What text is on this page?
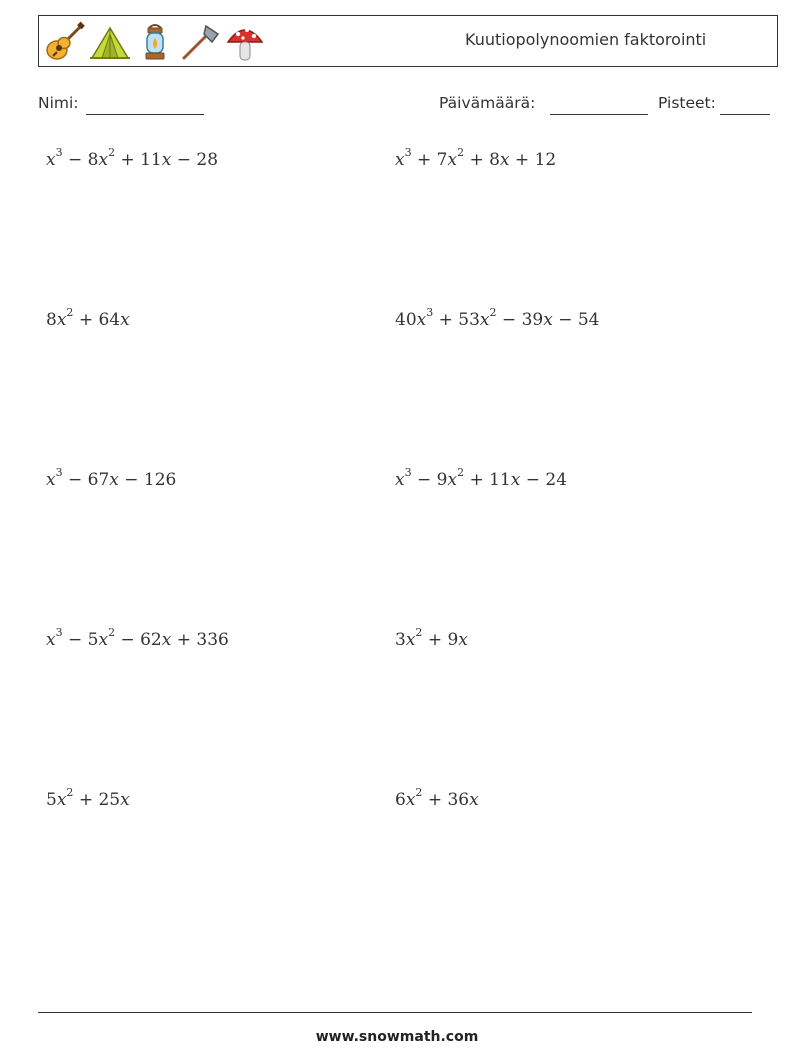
Kuutiopolynoomien faktorointi
Nimi:	Päivämäärä:	Pisteet:
$x^3 - 8x^2 + 11x - 28$	$x^3 + 7x^2 + 8x + 12$
$8x^2 + 64x$	$40x^3 + 53x^2 - 39x - 54$
$x^3 - 67x - 126$	$x^3 - 9x^2 + 11x - 24$
$x^3 - 5x^2 - 62x + 336$	$3x^2 + 9x$
$5x^2 + 25x$	$6x^2 + 36x$
www.snowmath.com
